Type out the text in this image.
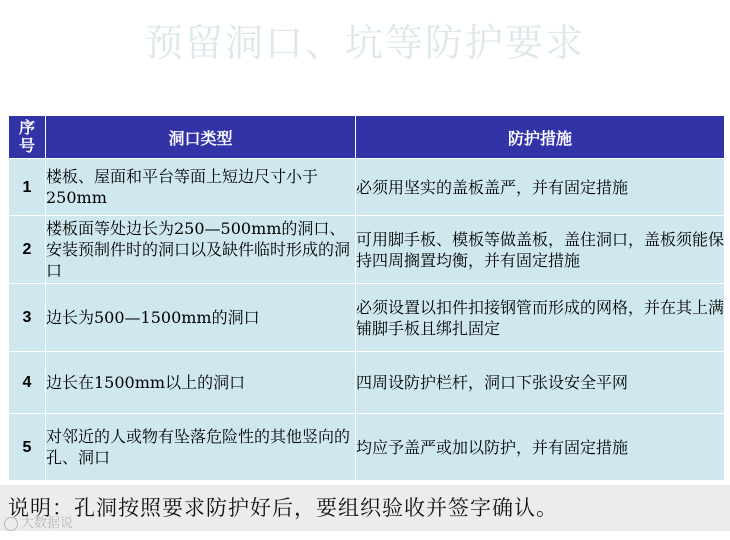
预留洞口、坑等防护要求
序
号	洞口类型	防护措施
1	楼板、屋面和平台等面上短边尺寸小于250mm	必须用坚实的盖板盖严，并有固定措施
2	楼板面等处边长为250—500mm的洞口、安装预制件时的洞口以及缺件临时形成的洞口	可用脚手板、模板等做盖板，盖住洞口，盖板须能保持四周搁置均衡，并有固定措施
3	边长为500—1500mm的洞口	必须设置以扣件扣接钢管而形成的网格，并在其上满铺脚手板且绑扎固定
4	边长在1500mm以上的洞口	四周设防护栏杆，洞口下张设安全平网
5	对邻近的人或物有坠落危险性的其他竖向的孔、洞口	均应予盖严或加以防护，并有固定措施
说明：孔洞按照要求防护好后，要组织验收并签字确认。
大数据说
